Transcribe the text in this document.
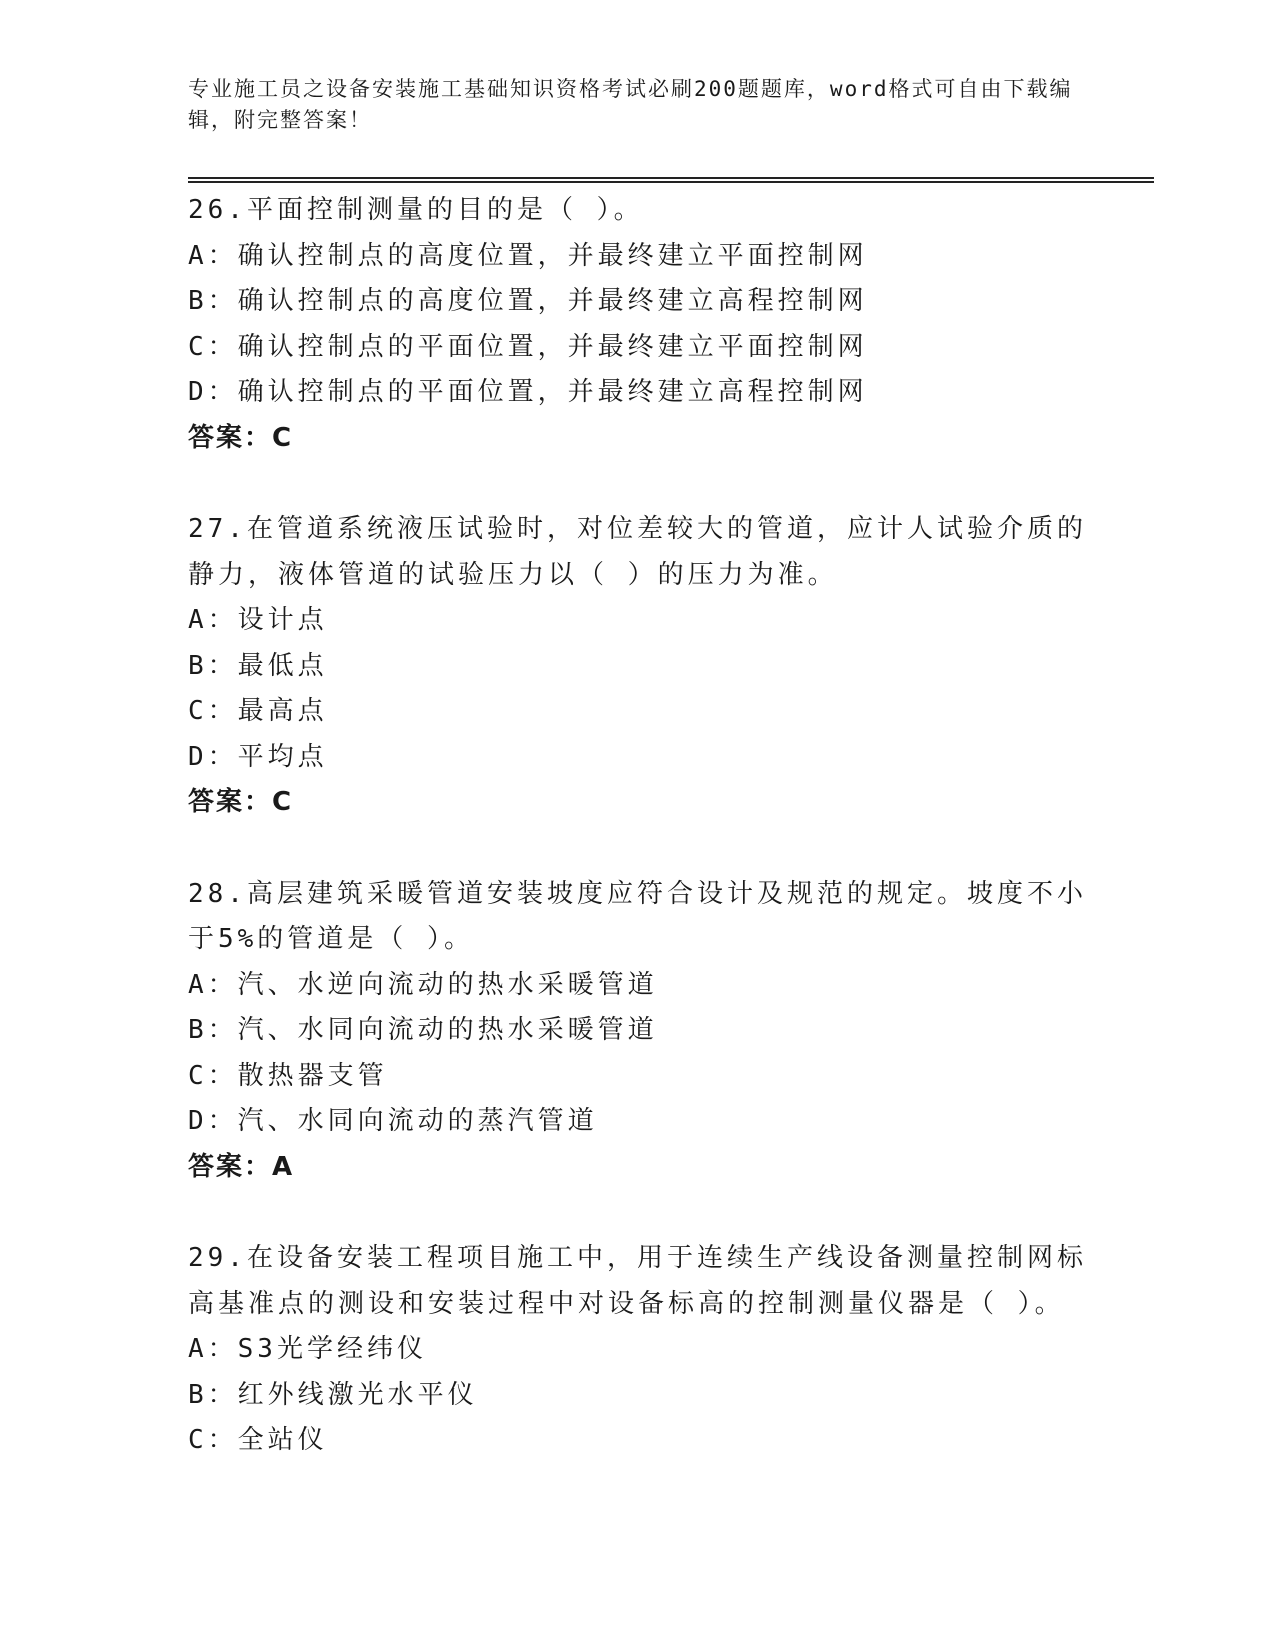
专业施工员之设备安装施工基础知识资格考试必刷200题题库，word格式可自由下载编辑，附完整答案！
26.平面控制测量的目的是（ ）。
A：确认控制点的高度位置，并最终建立平面控制网
B：确认控制点的高度位置，并最终建立高程控制网
C：确认控制点的平面位置，并最终建立平面控制网
D：确认控制点的平面位置，并最终建立高程控制网
答案：C
27.在管道系统液压试验时，对位差较大的管道，应计人试验介质的静力，液体管道的试验压力以（ ）的压力为准。
A：设计点
B：最低点
C：最高点
D：平均点
答案：C
28.高层建筑采暖管道安装坡度应符合设计及规范的规定。坡度不小于5%的管道是（ ）。
A：汽、水逆向流动的热水采暖管道
B：汽、水同向流动的热水采暖管道
C：散热器支管
D：汽、水同向流动的蒸汽管道
答案：A
29.在设备安装工程项目施工中，用于连续生产线设备测量控制网标高基准点的测设和安装过程中对设备标高的控制测量仪器是（ ）。
A：S3光学经纬仪
B：红外线激光水平仪
C：全站仪
